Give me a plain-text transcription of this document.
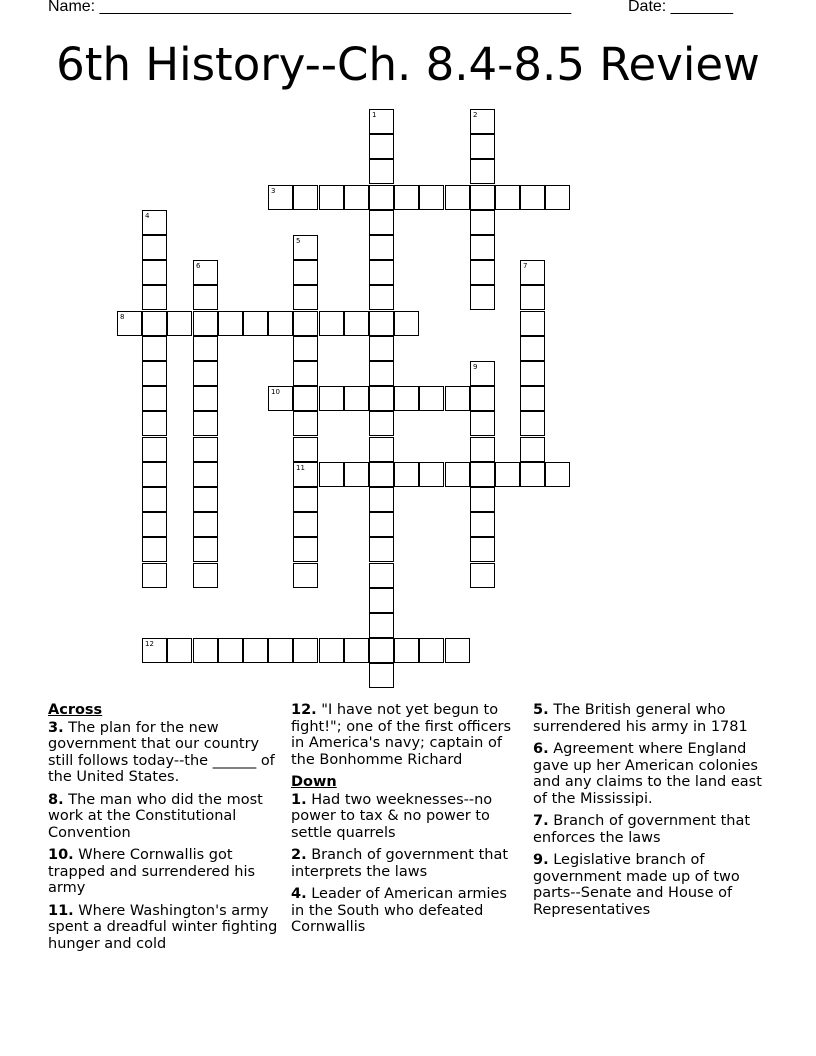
Name: _____________________________________________________	Date: _______
6th History--Ch. 8.4-8.5 Review
1	2
3
4
5
11
6	7
8
9
10
12
Across
3. The plan for the new government that our country still follows today--the ______ of the United States.
8. The man who did the most work at the Constitutional Convention
10. Where Cornwallis got trapped and surrendered his army
11. Where Washington's army spent a dreadful winter fighting hunger and cold
12. "I have not yet begun to fight!"; one of the first officers in America's navy; captain of the Bonhomme Richard
Down
1. Had two weeknesses--no power to tax & no power to settle quarrels
2. Branch of government that interprets the laws
4. Leader of American armies in the South who defeated Cornwallis
5. The British general who surrendered his army in 1781
6. Agreement where England gave up her American colonies and any claims to the land east of the Mississipi.
7. Branch of government that enforces the laws
9. Legislative branch of government made up of two parts--Senate and House of Representatives
